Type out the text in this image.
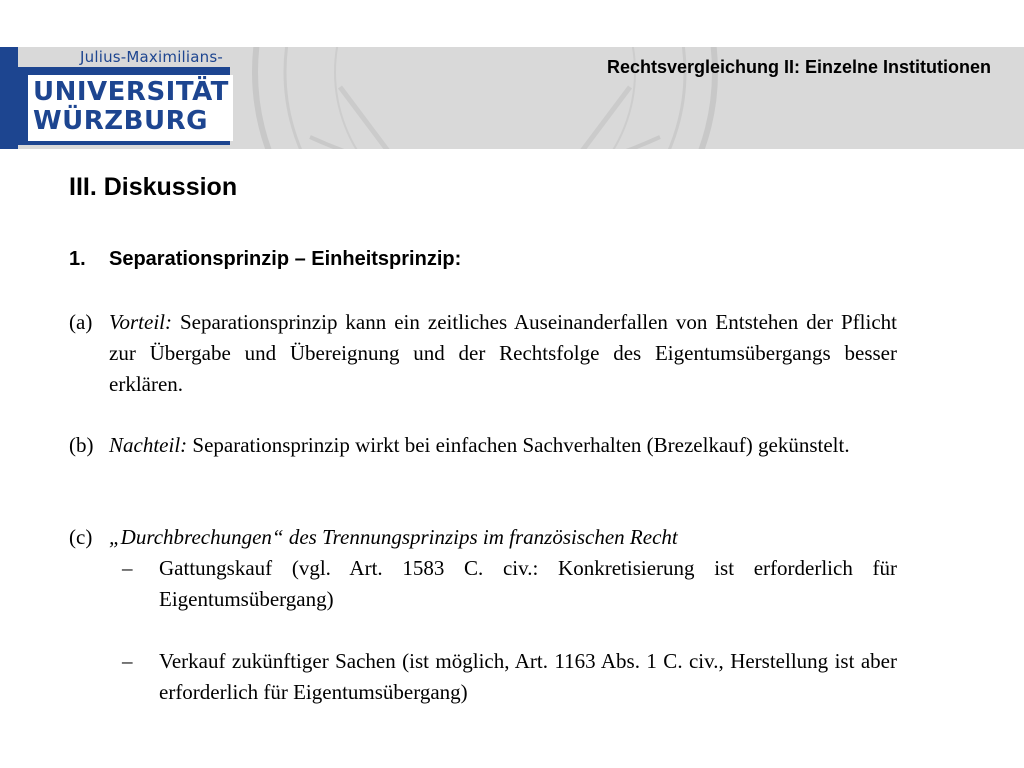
15 83
Julius-Maximilians-
UNIVERSITÄT
WÜRZBURG
Rechtsvergleichung II: Einzelne Institutionen
III. Diskussion
1. Separationsprinzip – Einheitsprinzip:
(a) Vorteil: Separationsprinzip kann ein zeitliches Auseinanderfallen von Entstehen der Pflicht zur Übergabe und Übereignung und der Rechtsfolge des Eigentumsübergangs besser erklären.
(b) Nachteil: Separationsprinzip wirkt bei einfachen Sachverhalten (Brezelkauf) gekünstelt.
(c) „Durchbrechungen“ des Trennungsprinzips im französischen Recht
– Gattungskauf (vgl. Art. 1583 C. civ.: Konkretisierung ist erforderlich für Eigentumsübergang)
– Verkauf zukünftiger Sachen (ist möglich, Art. 1163 Abs. 1 C. civ., Herstellung ist aber erforderlich für Eigentumsübergang)
